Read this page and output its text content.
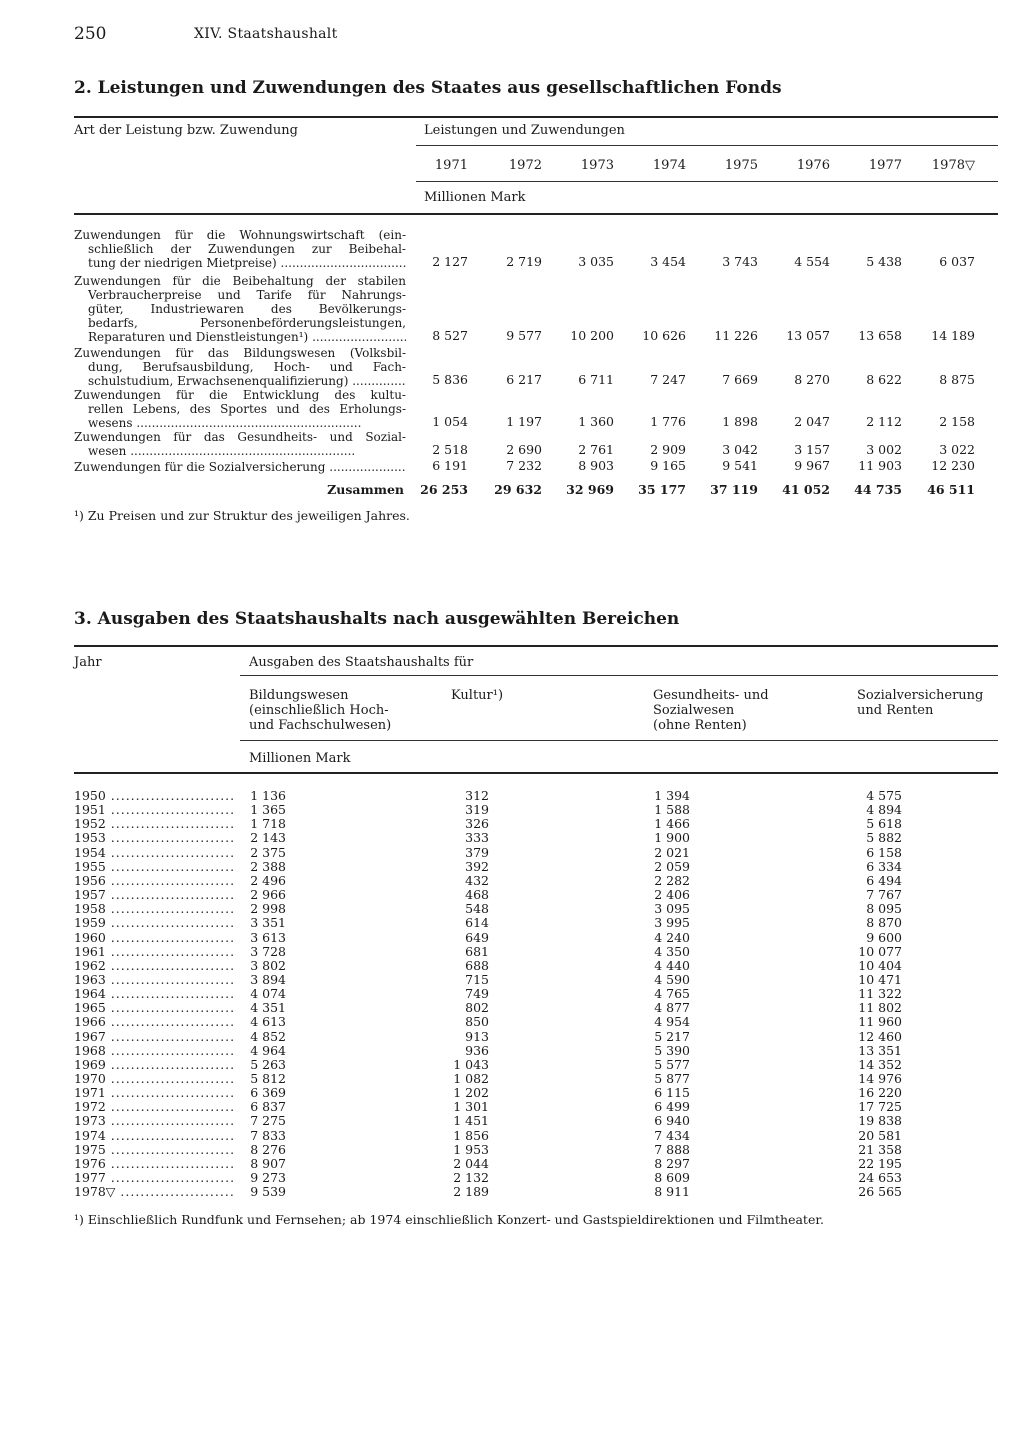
250	XIV. Staatshaushalt
2. Leistungen und Zuwendungen des Staates aus gesellschaftlichen Fonds
Art der Leistung bzw. Zuwendung	Leistungen und Zuwendungen
1971	1972	1973	1974	1975	1976	1977	1978▽
Millionen Mark
Zuwendungen für die Wohnungswirtschaft (ein-
schließlich der Zuwendungen zur Beibehal-
tung der niedrigen Mietpreise) .....	2 127	2 719	3 035	3 454	3 743	4 554	5 438	6 037
Zuwendungen für die Beibehaltung der stabilen
Verbraucherpreise und Tarife für Nahrungs-
güter, Industriewaren des Bevölkerungs-
bedarfs, Personenbeförderungsleistungen,
Reparaturen und Dienstleistungen¹) .....	8 527	9 577	10 200	10 626	11 226	13 057	13 658	14 189
Zuwendungen für das Bildungswesen (Volksbil-
dung, Berufsausbildung, Hoch- und Fach-
schulstudium, Erwachsenenqualifizierung) .....	5 836	6 217	6 711	7 247	7 669	8 270	8 622	8 875
Zuwendungen für die Entwicklung des kultu-
rellen Lebens, des Sportes und des Erholungs-
wesens .....	1 054	1 197	1 360	1 776	1 898	2 047	2 112	2 158
Zuwendungen für das Gesundheits- und Sozial-
wesen .....	2 518	2 690	2 761	2 909	3 042	3 157	3 002	3 022
Zuwendungen für die Sozialversicherung .....	6 191	7 232	8 903	9 165	9 541	9 967	11 903	12 230
Zusammen	26 253	29 632	32 969	35 177	37 119	41 052	44 735	46 511
¹) Zu Preisen und zur Struktur des jeweiligen Jahres.
3. Ausgaben des Staatshaushalts nach ausgewählten Bereichen
Jahr	Ausgaben des Staatshaushalts für
Bildungswesen
(einschließlich Hoch-
und Fachschulwesen)
Kultur¹)	Gesundheits- und
Sozialwesen
(ohne Renten)
Sozialversicherung
und Renten
Millionen Mark
1950 .....	1 136	312	1 394	4 575
1951 .....	1 365	319	1 588	4 894
1952 .....	1 718	326	1 466	5 618
1953 .....	2 143	333	1 900	5 882
1954 .....	2 375	379	2 021	6 158
1955 .....	2 388	392	2 059	6 334
1956 .....	2 496	432	2 282	6 494
1957 .....	2 966	468	2 406	7 767
1958 .....	2 998	548	3 095	8 095
1959 .....	3 351	614	3 995	8 870
1960 .....	3 613	649	4 240	9 600
1961 .....	3 728	681	4 350	10 077
1962 .....	3 802	688	4 440	10 404
1963 .....	3 894	715	4 590	10 471
1964 .....	4 074	749	4 765	11 322
1965 .....	4 351	802	4 877	11 802
1966 .....	4 613	850	4 954	11 960
1967 .....	4 852	913	5 217	12 460
1968 .....	4 964	936	5 390	13 351
1969 .....	5 263	1 043	5 577	14 352
1970 .....	5 812	1 082	5 877	14 976
1971 .....	6 369	1 202	6 115	16 220
1972 .....	6 837	1 301	6 499	17 725
1973 .....	7 275	1 451	6 940	19 838
1974 .....	7 833	1 856	7 434	20 581
1975 .....	8 276	1 953	7 888	21 358
1976 .....	8 907	2 044	8 297	22 195
1977 .....	9 273	2 132	8 609	24 653
1978▽ .....	9 539	2 189	8 911	26 565
¹) Einschließlich Rundfunk und Fernsehen; ab 1974 einschließlich Konzert- und Gastspieldirektionen und Filmtheater.
